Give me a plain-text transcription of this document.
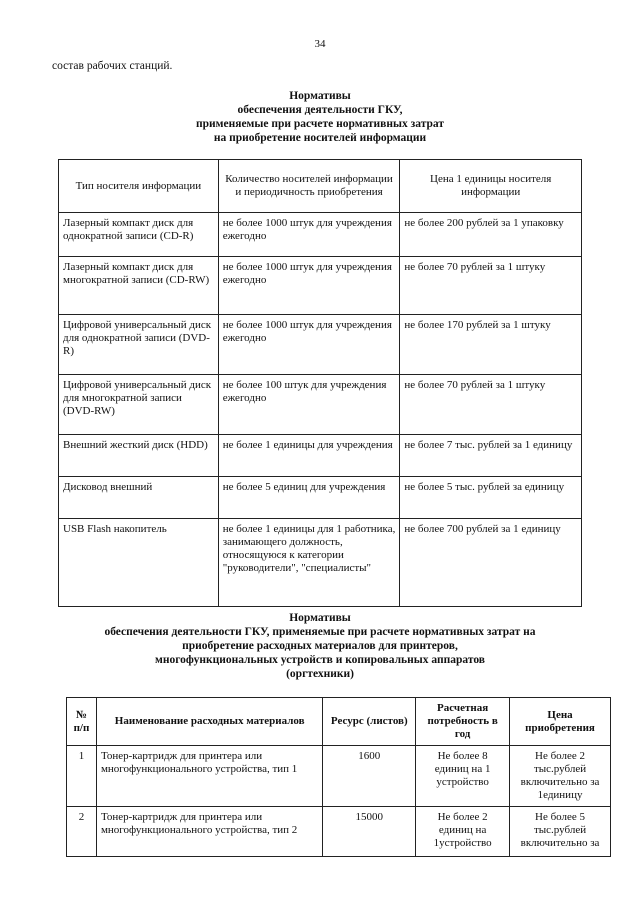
34
состав рабочих станций.
Нормативы
обеспечения деятельности ГКУ,
применяемые при расчете нормативных затрат
на приобретение носителей информации
Тип носителя информации	Количество носителей информации и периодичность приобретения	Цена 1 единицы носителя информации
Лазерный компакт диск для однократной записи (CD-R)	не более 1000 штук для учреждения ежегодно	не более 200 рублей за 1 упаковку
Лазерный компакт диск для многократной записи (CD-RW)	не более 1000 штук для учреждения ежегодно	не более 70 рублей за 1 штуку
Цифровой универсальный диск для однократной записи (DVD-R)	не более 1000 штук для учреждения ежегодно	не более 170 рублей за 1 штуку
Цифровой универсальный диск для многократной записи (DVD-RW)	не более 100 штук для учреждения ежегодно	не более 70 рублей за 1 штуку
Внешний жесткий диск (HDD)	не более 1 единицы для учреждения	не более 7 тыс. рублей за 1 единицу
Дисковод внешний	не более 5 единиц для учреждения	не более 5 тыс. рублей за единицу
USB Flash накопитель	не более 1 единицы для 1 работника, занимающего должность, относящуюся к категории "руководители", "специалисты"	не более 700 рублей за 1 единицу
Нормативы
обеспечения деятельности ГКУ, применяемые при расчете нормативных затрат на
приобретение расходных материалов для принтеров,
многофункциональных устройств и копировальных аппаратов
(оргтехники)
№ п/п	Наименование расходных материалов	Ресурс (листов)	Расчетная потребность в год	Цена приобретения
1	Тонер-картридж для принтера или многофункционального устройства, тип 1	1600	Не более 8 единиц на 1 устройство	Не более 2 тыс.рублей включительно за 1единицу
2	Тонер-картридж для принтера или многофункционального устройства, тип 2	15000	Не более 2 единиц на 1устройство	Не более 5 тыс.рублей включительно за
